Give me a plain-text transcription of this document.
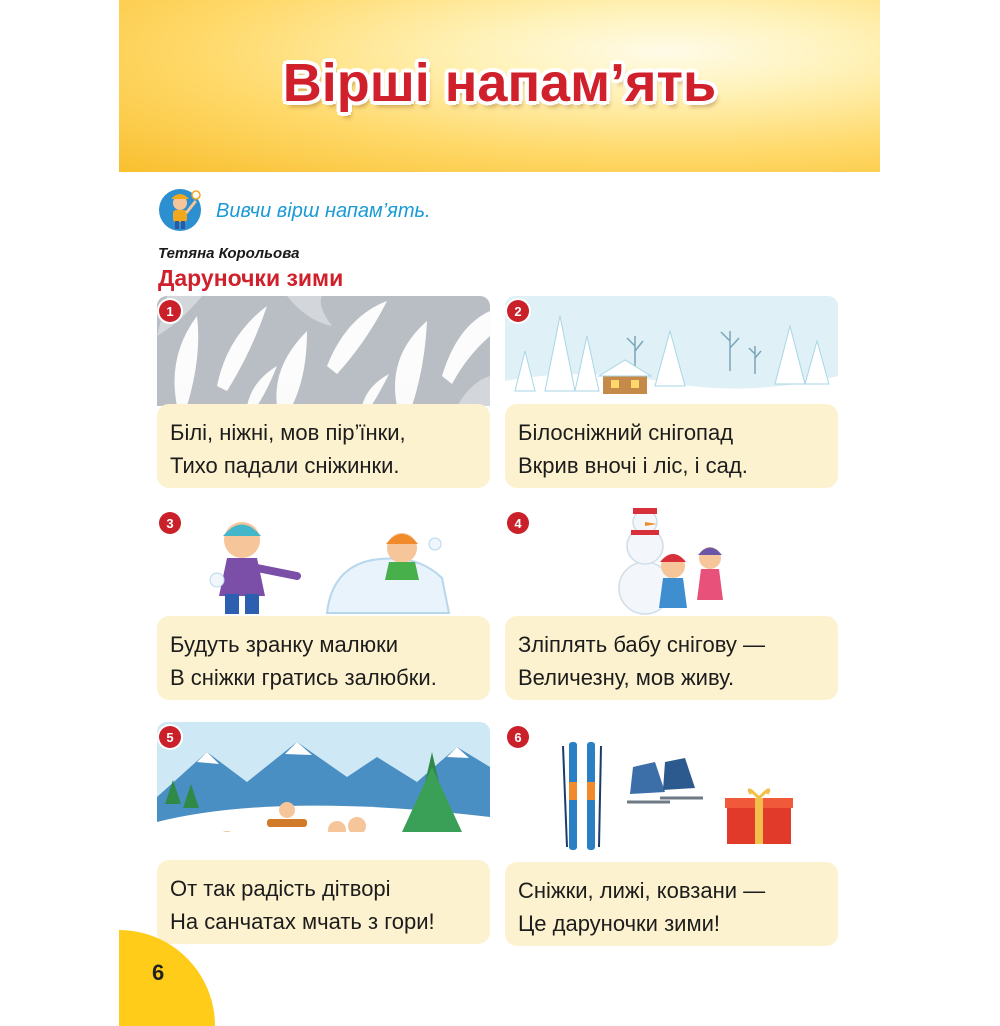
Вірші напам’ять
Вивчи вірш напам’ять.
Тетяна Корольова
Даруночки зими
1
Білі, ніжні, мов пір’їнки,
Тихо падали сніжинки.
2
Білосніжний снігопад
Вкрив вночі і ліс, і сад.
3
Будуть зранку малюки
В сніжки гратись залюбки.
4
Зліплять бабу снігову —
Величезну, мов живу.
5
От так радість дітворі
На санчатах мчать з гори!
6
Сніжки, лижі, ковзани —
Це даруночки зими!
6
